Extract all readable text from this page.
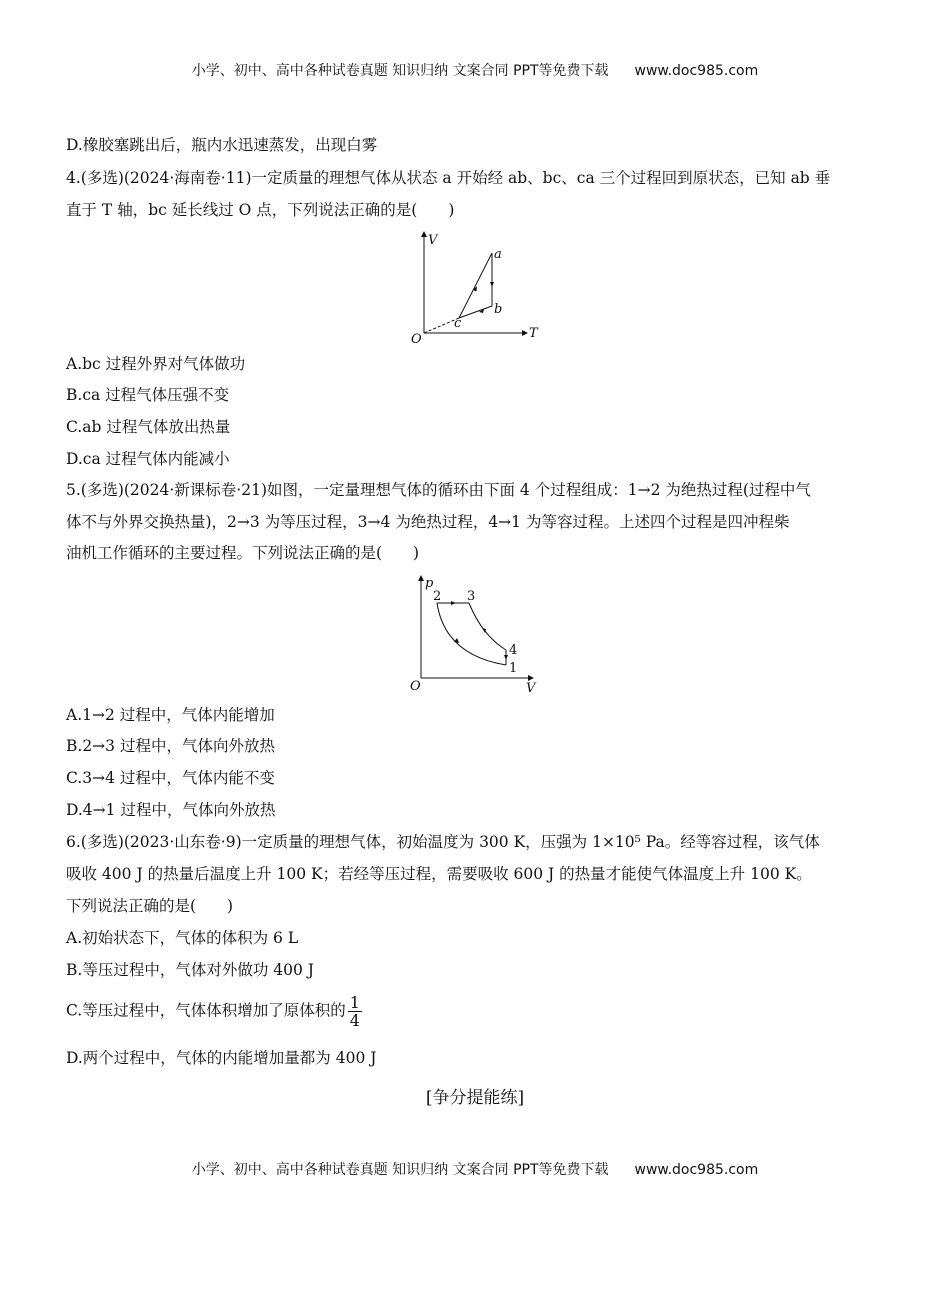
小学、初中、高中各种试卷真题 知识归纳 文案合同 PPT等免费下载 www.doc985.com
D.橡胶塞跳出后，瓶内水迅速蒸发，出现白雾
4.(多选)(2024·海南卷·11)一定质量的理想气体从状态 a 开始经 ab、bc、ca 三个过程回到原状态，已知 ab 垂
直于 T 轴，bc 延长线过 O 点，下列说法正确的是(　　)
V
T
O
a
b
c
p
V
O
1
2 3
4
A.bc 过程外界对气体做功
B.ca 过程气体压强不变
C.ab 过程气体放出热量
D.ca 过程气体内能减小
5.(多选)(2024·新课标卷·21)如图，一定量理想气体的循环由下面 4 个过程组成：1→2 为绝热过程(过程中气
体不与外界交换热量)，2→3 为等压过程，3→4 为绝热过程，4→1 为等容过程。上述四个过程是四冲程柴
油机工作循环的主要过程。下列说法正确的是(　　)
A.1→2 过程中，气体内能增加
B.2→3 过程中，气体向外放热
C.3→4 过程中，气体内能不变
D.4→1 过程中，气体向外放热
6.(多选)(2023·山东卷·9)一定质量的理想气体，初始温度为 300 K，压强为 1×10⁵ Pa。经等容过程，该气体
吸收 400 J 的热量后温度上升 100 K；若经等压过程，需要吸收 600 J 的热量才能使气体温度上升 100 K。
下列说法正确的是(　　)
A.初始状态下，气体的体积为 6 L
B.等压过程中，气体对外做功 400 J
C.等压过程中，气体体积增加了原体积的 $\frac{1}{4}$
D.两个过程中，气体的内能增加量都为 400 J
[争分提能练]
小学、初中、高中各种试卷真题 知识归纳 文案合同 PPT等免费下载 www.doc985.com
